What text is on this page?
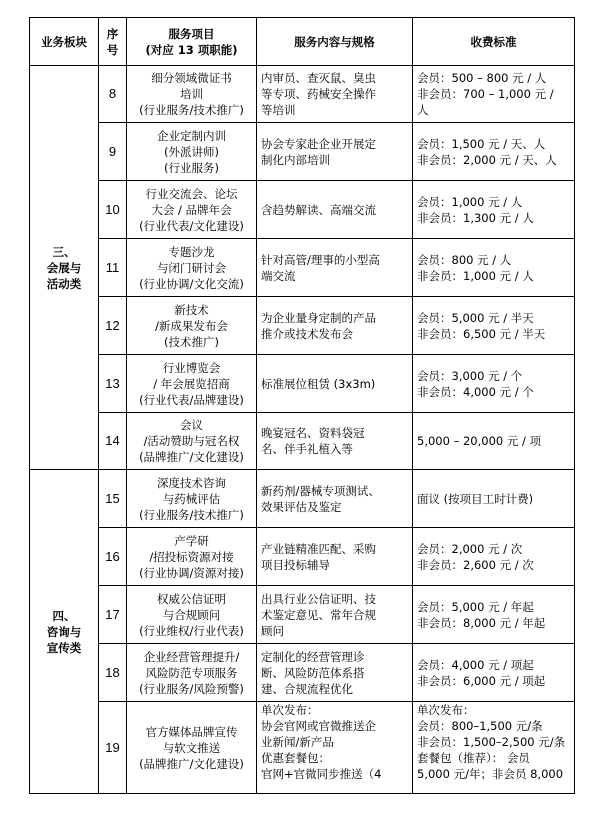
业务板块	序
号	服务项目
(对应 13 项职能)	服务内容与规格	收费标准

三、
会展与
活动类	8	细分领域微证书
培训
(行业服务/技术推广)	内审员、查灭鼠、臭虫
等专项、药械安全操作
等培训	会员：500 – 800 元 / 人
非会员：700 – 1,000 元 /
人

	9	企业定制内训
(外派讲师)
(行业服务)	协会专家赴企业开展定
制化内部培训	会员：1,500 元 / 天、人
非会员：2,000 元 / 天、人

	10	行业交流会、论坛
大会 / 品牌年会
(行业代表/文化建设)	含趋势解读、高端交流	会员：1,000 元 / 人
非会员：1,300 元 / 人

	11	专题沙龙
与闭门研讨会
(行业协调/文化交流)	针对高管/理事的小型高
端交流	会员：800 元 / 人
非会员：1,000 元 / 人

	12	新技术
/新成果发布会
(技术推广)	为企业量身定制的产品
推介或技术发布会	会员：5,000 元 / 半天
非会员：6,500 元 / 半天

	13	行业博览会
/ 年会展览招商
(行业代表/品牌建设)	标准展位租赁 (3x3m)	会员：3,000 元 / 个
非会员：4,000 元 / 个

	14	会议
/活动赞助与冠名权
(品牌推广/文化建设)	晚宴冠名、资料袋冠
名、伴手礼植入等	5,000 – 20,000 元 / 项

四、
咨询与
宣传类	15	深度技术咨询
与药械评估
(行业服务/技术推广)	新药剂/器械专项测试、
效果评估及鉴定	面议 (按项目工时计费)

	16	产学研
/招投标资源对接
(行业协调/资源对接)	产业链精准匹配、采购
项目投标辅导	会员：2,000 元 / 次
非会员：2,600 元 / 次

	17	权威公信证明
与合规顾问
(行业维权/行业代表)	出具行业公信证明、技
术鉴定意见、常年合规
顾问	会员：5,000 元 / 年起
非会员：8,000 元 / 年起

	18	企业经营管理提升/
风险防范专项服务
(行业服务/风险预警)	定制化的经营管理诊
断、风险防范体系搭
建、合规流程优化	会员：4,000 元 / 项起
非会员：6,000 元 / 项起

	19	官方媒体品牌宣传
与软文推送
(品牌推广/文化建设)	单次发布：
协会官网或官微推送企
业新闻/新产品
优惠套餐包：
官网+官微同步推送（4	单次发布：
会员：800–1,500 元/条
非会员：1,500–2,500 元/条
套餐包（推荐）： 会员
5,000 元/年；非会员 8,000
